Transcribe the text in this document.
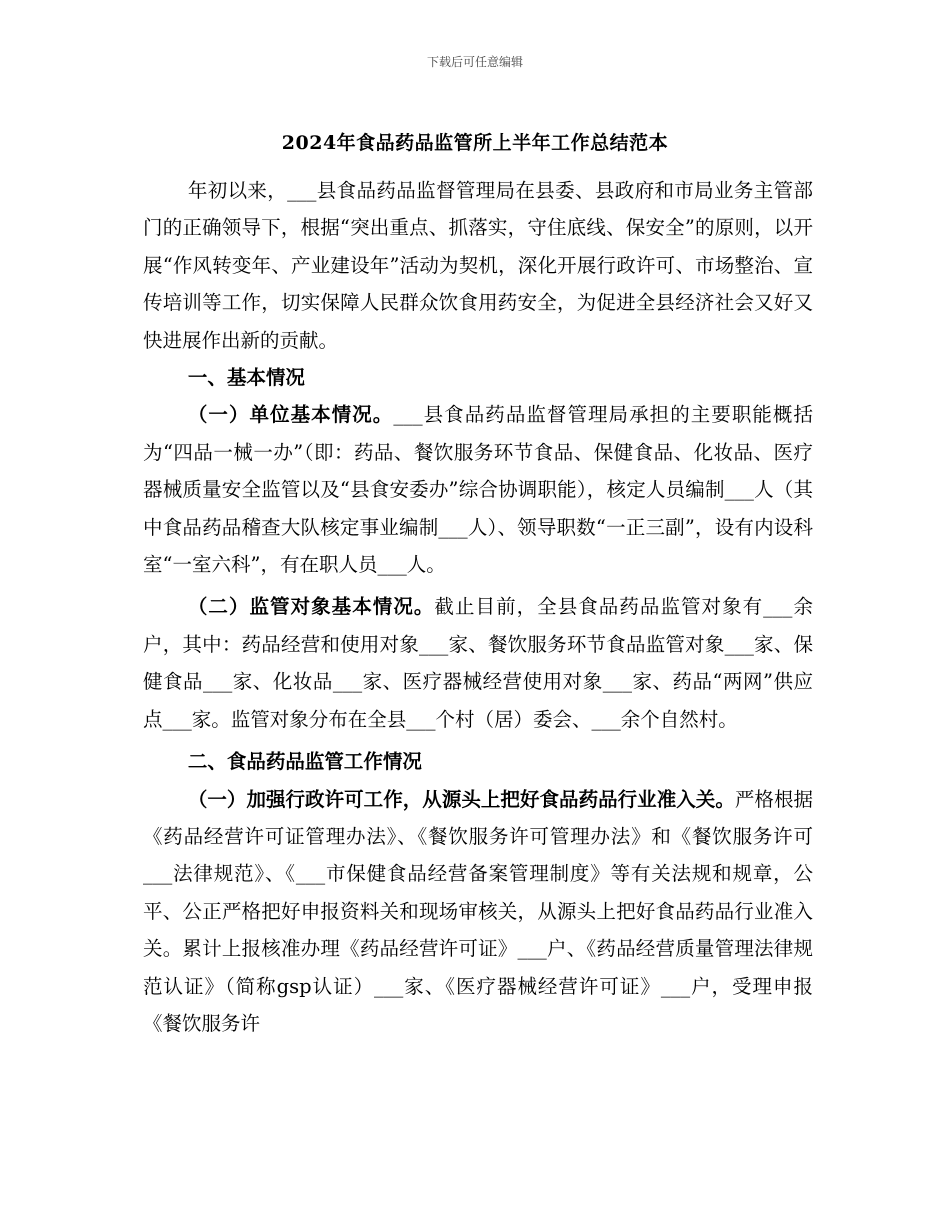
下载后可任意编辑
2024年食品药品监管所上半年工作总结范本

年初以来，___县食品药品监督管理局在县委、县政府和市局业务主管部门的正确领导下，根据“突出重点、抓落实，守住底线、保安全”的原则，以开展“作风转变年、产业建设年”活动为契机，深化开展行政许可、市场整治、宣传培训等工作，切实保障人民群众饮食用药安全，为促进全县经济社会又好又快进展作出新的贡献。

一、基本情况

（一）单位基本情况。___县食品药品监督管理局承担的主要职能概括为“四品一械一办”（即：药品、餐饮服务环节食品、保健食品、化妆品、医疗器械质量安全监管以及“县食安委办”综合协调职能），核定人员编制___人（其中食品药品稽查大队核定事业编制___人）、领导职数“一正三副”，设有内设科室“一室六科”，有在职人员___人。

（二）监管对象基本情况。截止目前，全县食品药品监管对象有___余户，其中：药品经营和使用对象___家、餐饮服务环节食品监管对象___家、保健食品___家、化妆品___家、医疗器械经营使用对象___家、药品“两网”供应点___家。监管对象分布在全县___个村（居）委会、___余个自然村。

二、食品药品监管工作情况

（一）加强行政许可工作，从源头上把好食品药品行业准入关。严格根据《药品经营许可证管理办法》、《餐饮服务许可管理办法》和《餐饮服务许可___法律规范》、《___市保健食品经营备案管理制度》等有关法规和规章，公平、公正严格把好申报资料关和现场审核关，从源头上把好食品药品行业准入关。累计上报核准办理《药品经营许可证》___户、《药品经营质量管理法律规范认证》（简称gsp认证）___家、《医疗器械经营许可证》___户，受理申报《餐饮服务许
